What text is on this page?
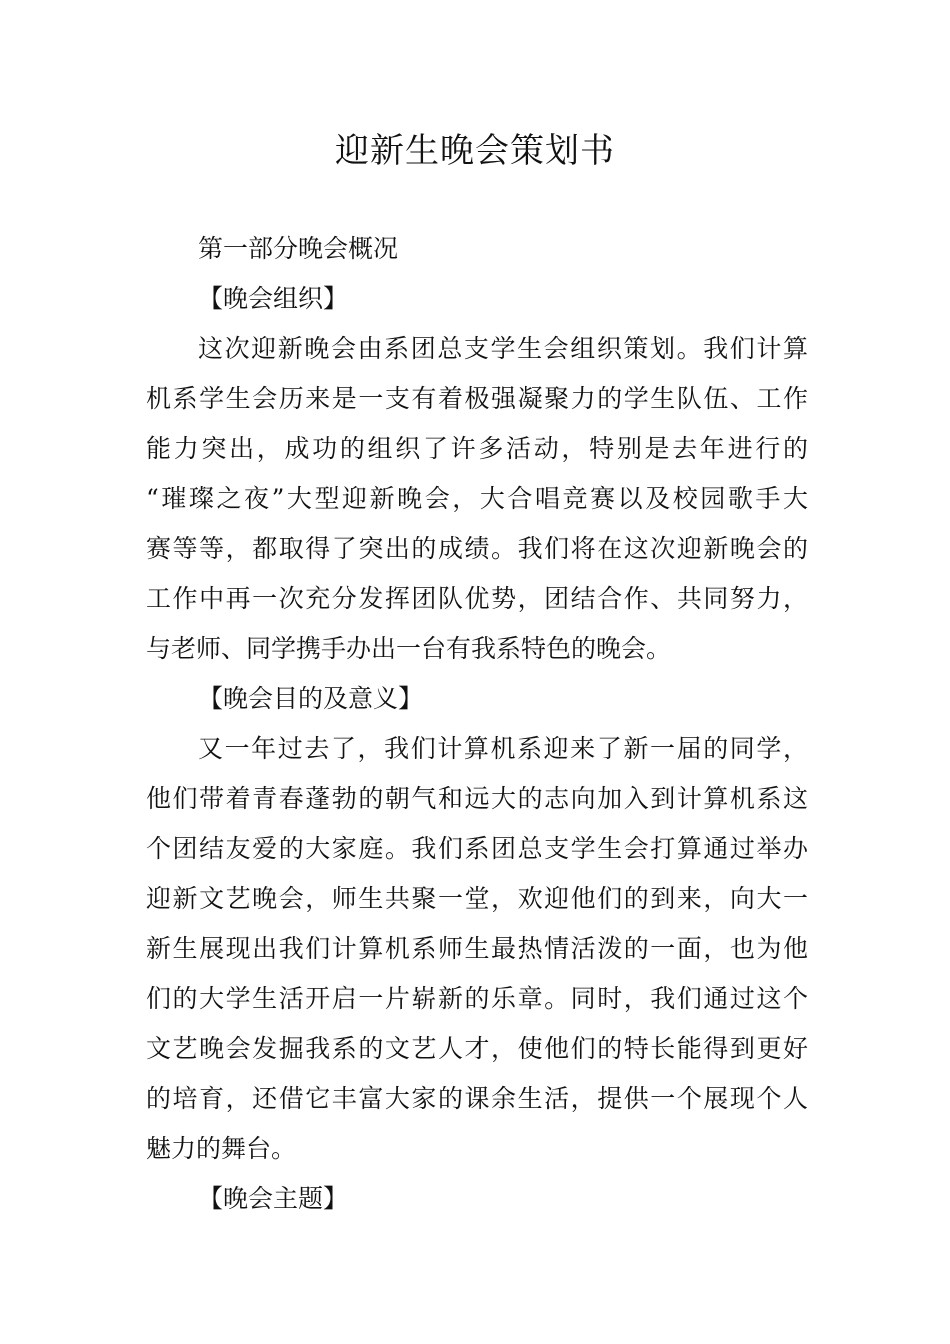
迎新生晚会策划书

第一部分晚会概况

【晚会组织】

这次迎新晚会由系团总支学生会组织策划。我们计算

机系学生会历来是一支有着极强凝聚力的学生队伍、工作

能力突出，成功的组织了许多活动，特别是去年进行的

“璀璨之夜”大型迎新晚会，大合唱竞赛以及校园歌手大

赛等等，都取得了突出的成绩。我们将在这次迎新晚会的

工作中再一次充分发挥团队优势，团结合作、共同努力，

与老师、同学携手办出一台有我系特色的晚会。

【晚会目的及意义】

又一年过去了，我们计算机系迎来了新一届的同学，

他们带着青春蓬勃的朝气和远大的志向加入到计算机系这

个团结友爱的大家庭。我们系团总支学生会打算通过举办

迎新文艺晚会，师生共聚一堂，欢迎他们的到来，向大一

新生展现出我们计算机系师生最热情活泼的一面，也为他

们的大学生活开启一片崭新的乐章。同时，我们通过这个

文艺晚会发掘我系的文艺人才，使他们的特长能得到更好

的培育，还借它丰富大家的课余生活，提供一个展现个人

魅力的舞台。

【晚会主题】
